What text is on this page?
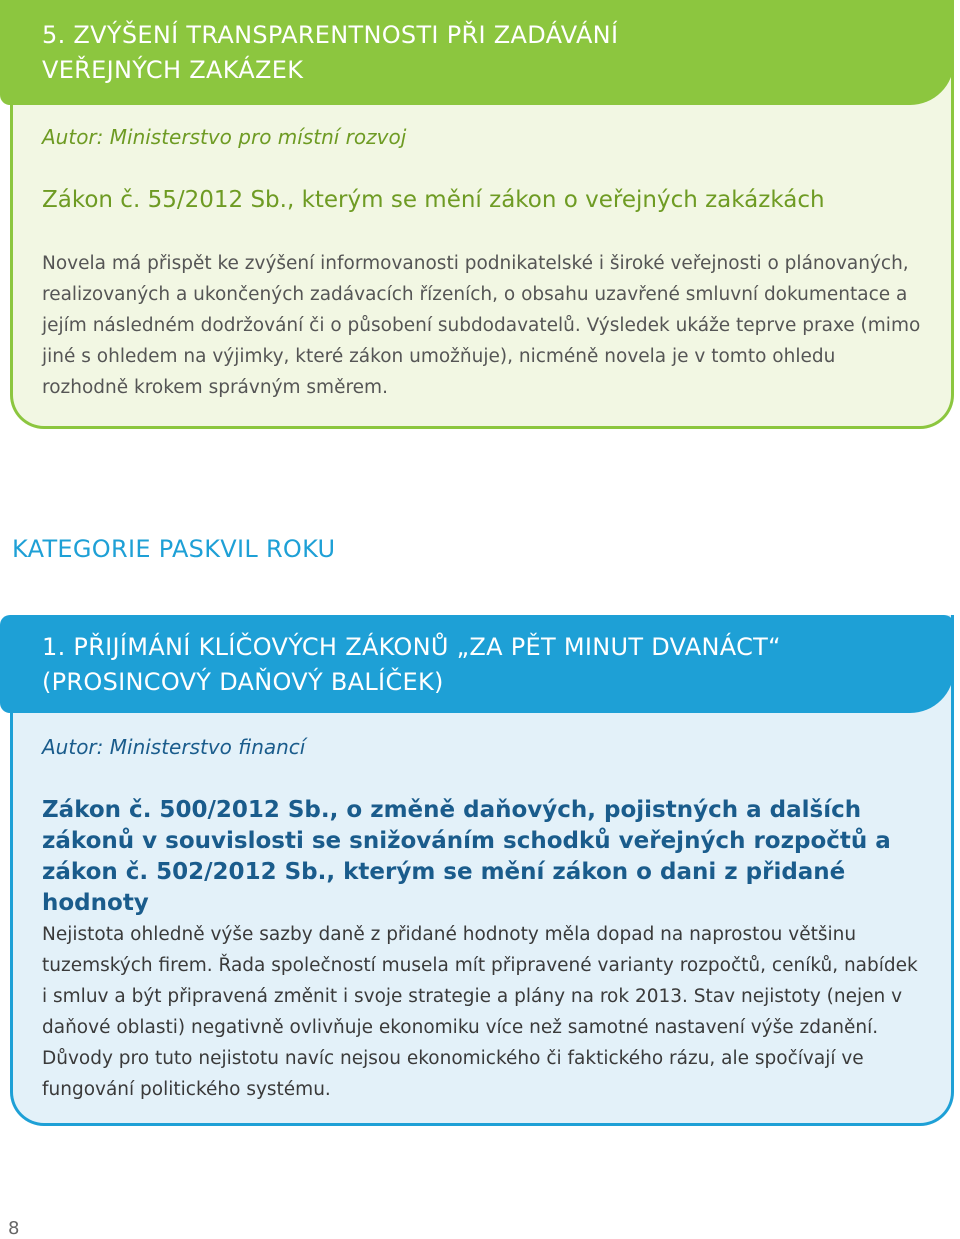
5. ZVÝŠENÍ TRANSPARENTNOSTI PŘI ZADÁVÁNÍ
VEŘEJNÝCH ZAKÁZEK
Autor: Ministerstvo pro místní rozvoj
Zákon č. 55/2012 Sb., kterým se mění zákon o veřejných zakázkách

Novela má přispět ke zvýšení informovanosti podnikatelské i široké veřejnosti o plánovaných, realizovaných a ukončených zadávacích řízeních, o obsahu uzavřené smluvní dokumentace a jejím následném dodržování či o působení subdodavatelů. Výsledek ukáže teprve praxe (mimo jiné s ohledem na výjimky, které zákon umožňuje), nicméně novela je v tomto ohledu rozhodně krokem správným směrem.

KATEGORIE PASKVIL ROKU
1. PŘIJÍMÁNÍ KLÍČOVÝCH ZÁKONŮ „ZA PĚT MINUT DVANÁCT“
(PROSINCOVÝ DAŇOVÝ BALÍČEK)
Autor: Ministerstvo financí
Zákon č. 500/2012 Sb., o změně daňových, pojistných a dalších zákonů v souvislosti se snižováním schodků veřejných rozpočtů a zákon č. 502/2012 Sb., kterým se mění zákon o dani z přidané hodnoty

Nejistota ohledně výše sazby daně z přidané hodnoty měla dopad na naprostou většinu tuzemských firem. Řada společností musela mít připravené varianty rozpočtů, ceníků, nabídek i smluv a být připravená změnit i svoje strategie a plány na rok 2013. Stav nejistoty (nejen v daňové oblasti) negativně ovlivňuje ekonomiku více než samotné nastavení výše zdanění. Důvody pro tuto nejistotu navíc nejsou ekonomického či faktického rázu, ale spočívají ve fungování politického systému.

8
